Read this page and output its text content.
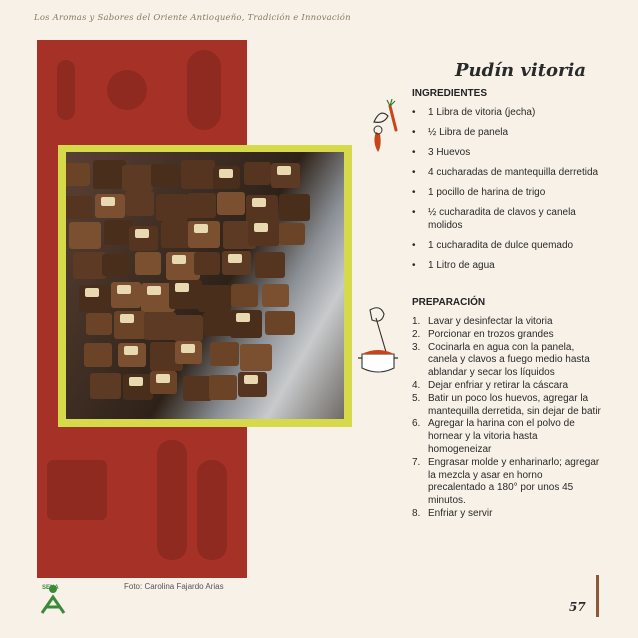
Los Aromas y Sabores del Oriente Antioqueño, Tradición e Innovación
Pudín vitoria
INGREDIENTES
• 1 Libra de vitoria (jecha)
• ½ Libra de panela
• 3 Huevos
• 4 cucharadas de mantequilla derretida
• 1 pocillo de harina de trigo
• ½ cucharadita de clavos y canela molidos
• 1 cucharadita de dulce quemado
• 1 Litro de agua
PREPARACIÓN
1. Lavar y desinfectar la vitoria
2. Porcionar en trozos grandes
3. Cocinarla en agua con la panela, canela y clavos a fuego medio hasta ablandar y secar los líquidos
4. Dejar enfriar y retirar la cáscara
5. Batir un poco los huevos, agregar la mantequilla derretida, sin dejar de batir
6. Agregar la harina con el polvo de hornear y la vitoria hasta homogeneizar
7. Engrasar molde y enharinarlo; agregar la mezcla y asar en horno precalentado a 180° por unos 45 minutos.
8. Enfriar y servir
SENA	Foto: Carolina Fajardo Arias
57
